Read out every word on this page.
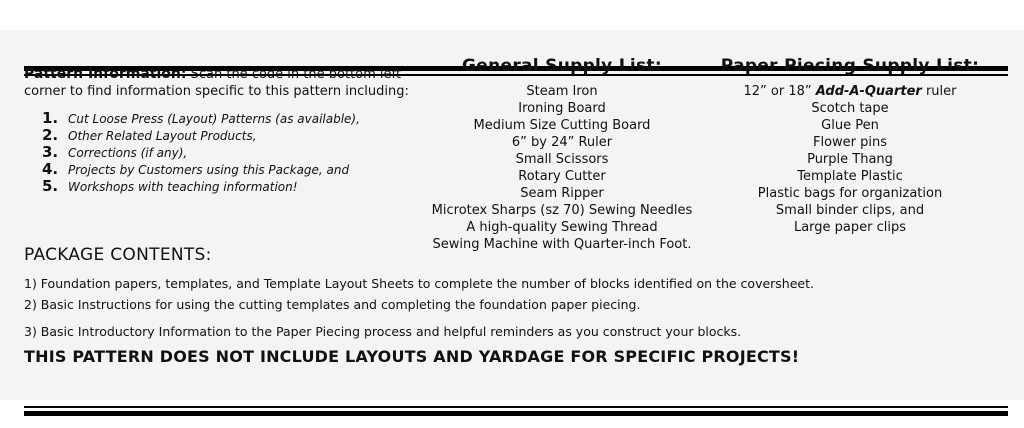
Pattern Information: Scan the code in the bottom left corner to find information specific to this pattern including:
1. Cut Loose Press (Layout) Patterns (as available),
2. Other Related Layout Products,
3. Corrections (if any),
4. Projects by Customers using this Package, and
5. Workshops with teaching information!
General Supply List:
Steam Iron
Ironing Board
Medium Size Cutting Board
6” by 24” Ruler
Small Scissors
Rotary Cutter
Seam Ripper
Microtex Sharps (sz 70) Sewing Needles
A high-quality Sewing Thread
Sewing Machine with Quarter-inch Foot.
Paper Piecing Supply List:
12” or 18” Add-A-Quarter ruler
Scotch tape
Glue Pen
Flower pins
Purple Thang
Template Plastic
Plastic bags for organization
Small binder clips, and
Large paper clips
PACKAGE CONTENTS:
1) Foundation papers, templates, and Template Layout Sheets to complete the number of blocks identified on the coversheet.
2) Basic Instructions for using the cutting templates and completing the foundation paper piecing.
3) Basic Introductory Information to the Paper Piecing process and helpful reminders as you construct your blocks.
THIS PATTERN DOES NOT INCLUDE LAYOUTS AND YARDAGE FOR SPECIFIC PROJECTS!
